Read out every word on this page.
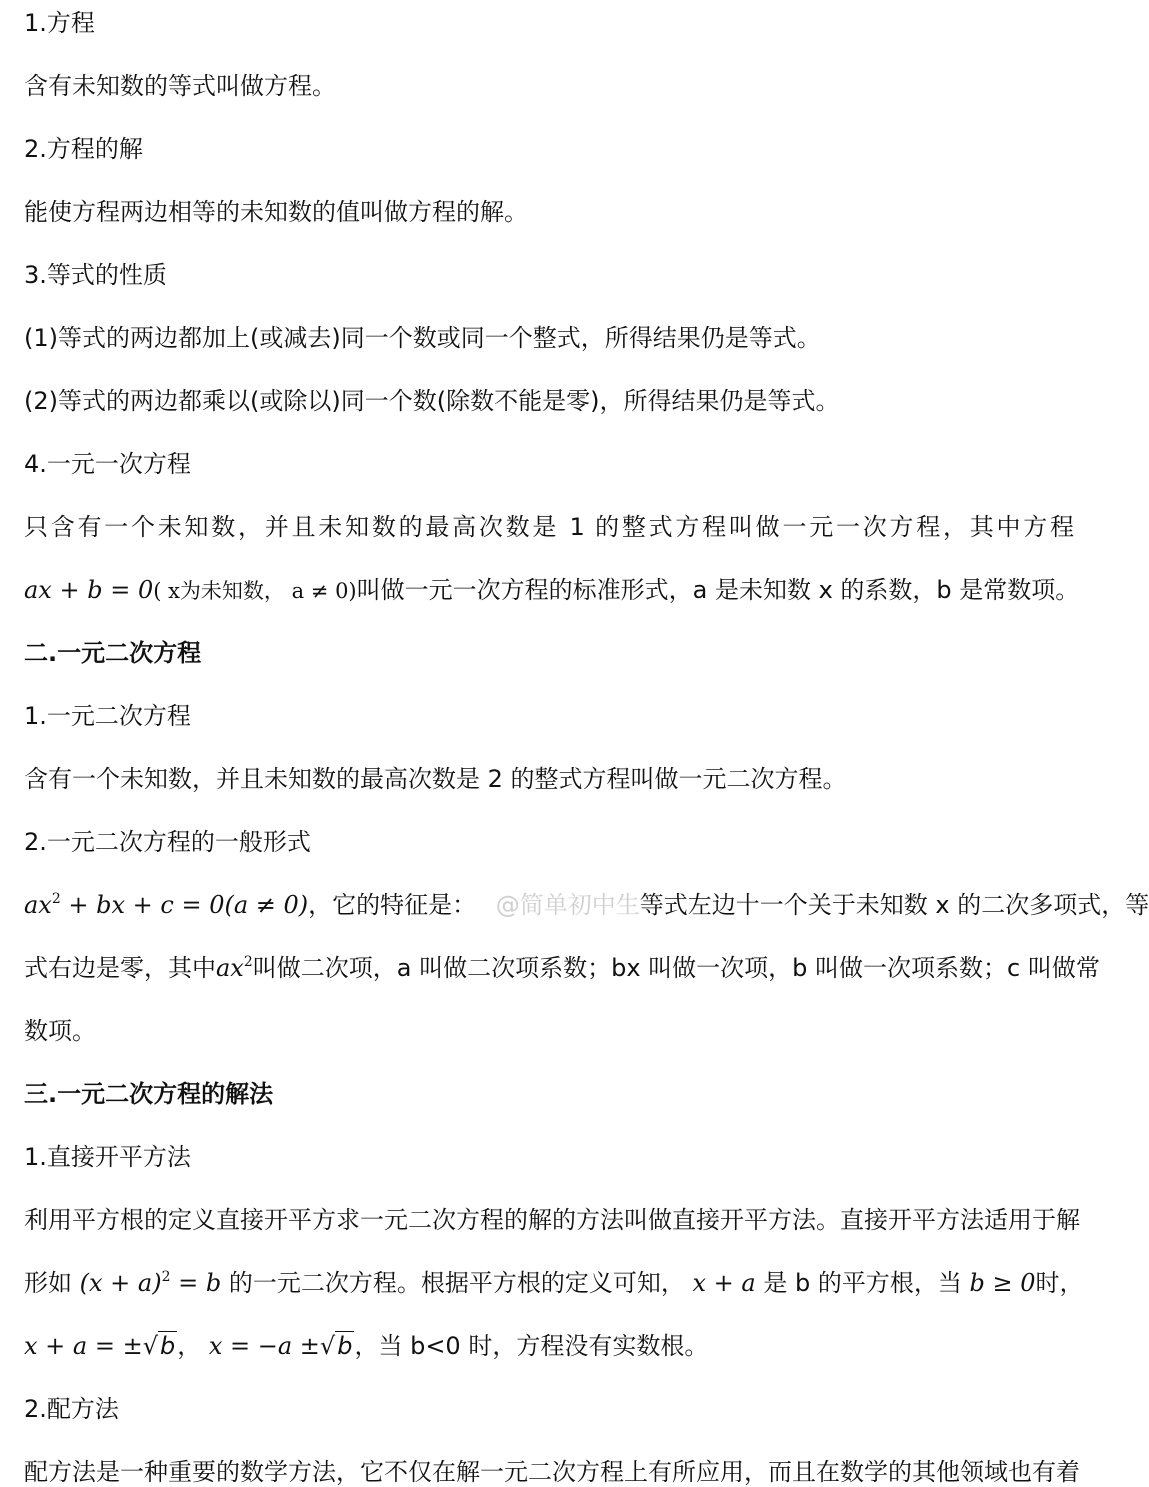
1.方程
含有未知数的等式叫做方程。
2.方程的解
能使方程两边相等的未知数的值叫做方程的解。
3.等式的性质
(1)等式的两边都加上(或减去)同一个数或同一个整式，所得结果仍是等式。
(2)等式的两边都乘以(或除以)同一个数(除数不能是零)，所得结果仍是等式。
4.一元一次方程
只含有一个未知数，并且未知数的最高次数是 1 的整式方程叫做一元一次方程，其中方程
ax + b = 0( x为未知数， a ≠ 0)叫做一元一次方程的标准形式，a 是未知数 x 的系数，b 是常数项。
二.一元二次方程
1.一元二次方程
含有一个未知数，并且未知数的最高次数是 2 的整式方程叫做一元二次方程。
2.一元二次方程的一般形式
$ax^2$ + bx + c = 0(a ≠ 0)，它的特征是： @简单初中生等式左边十一个关于未知数 x 的二次多项式，等
式右边是零，其中$ax^2$叫做二次项，a 叫做二次项系数；bx 叫做一次项，b 叫做一次项系数；c 叫做常
数项。
三.一元二次方程的解法
1.直接开平方法
利用平方根的定义直接开平方求一元二次方程的解的方法叫做直接开平方法。直接开平方法适用于解
形如 $(x + a)^2 = b$ 的一元二次方程。根据平方根的定义可知， x + a 是 b 的平方根，当 b ≥ 0时，
x + a = ±√b， x = −a ±√b，当 b<0 时，方程没有实数根。
2.配方法
配方法是一种重要的数学方法，它不仅在解一元二次方程上有所应用，而且在数学的其他领域也有着
